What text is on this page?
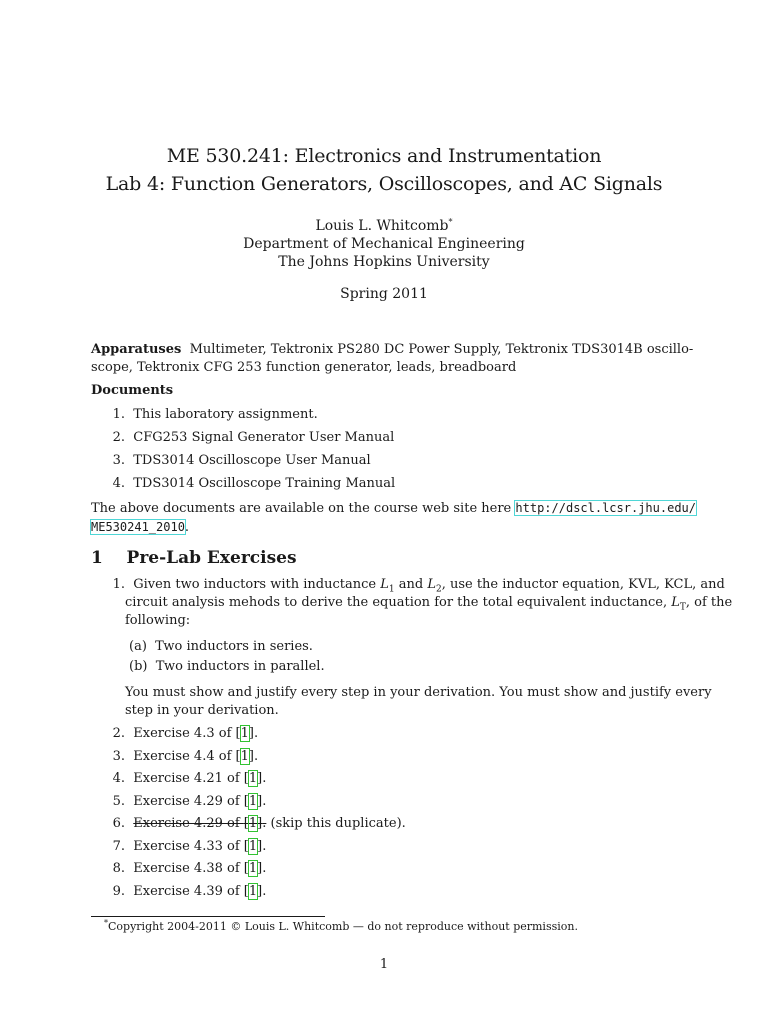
ME 530.241: Electronics and Instrumentation
Lab 4: Function Generators, Oscilloscopes, and AC Signals
Louis L. Whitcomb*
Department of Mechanical Engineering
The Johns Hopkins University
Spring 2011
Apparatuses Multimeter, Tektronix PS280 DC Power Supply, Tektronix TDS3014B oscillo-
scope, Tektronix CFG 253 function generator, leads, breadboard
Documents
1. This laboratory assignment.
2. CFG253 Signal Generator User Manual
3. TDS3014 Oscilloscope User Manual
4. TDS3014 Oscilloscope Training Manual
The above documents are available on the course web site here http://dscl.lcsr.jhu.edu/
ME530241_2010.
1 Pre-Lab Exercises
1. Given two inductors with inductance $L_1$ and $L_2$, use the inductor equation, KVL, KCL, and
circuit analysis mehods to derive the equation for the total equivalent inductance, $L_T$, of the
following:
(a) Two inductors in series.
(b) Two inductors in parallel.
You must show and justify every step in your derivation. You must show and justify every
step in your derivation.
2. Exercise 4.3 of [1].
3. Exercise 4.4 of [1].
4. Exercise 4.21 of [1].
5. Exercise 4.29 of [1].
6. Exercise 4.29 of [1]. (skip this duplicate).
7. Exercise 4.33 of [1].
8. Exercise 4.38 of [1].
9. Exercise 4.39 of [1].
*Copyright 2004-2011 © Louis L. Whitcomb — do not reproduce without permission.
1
